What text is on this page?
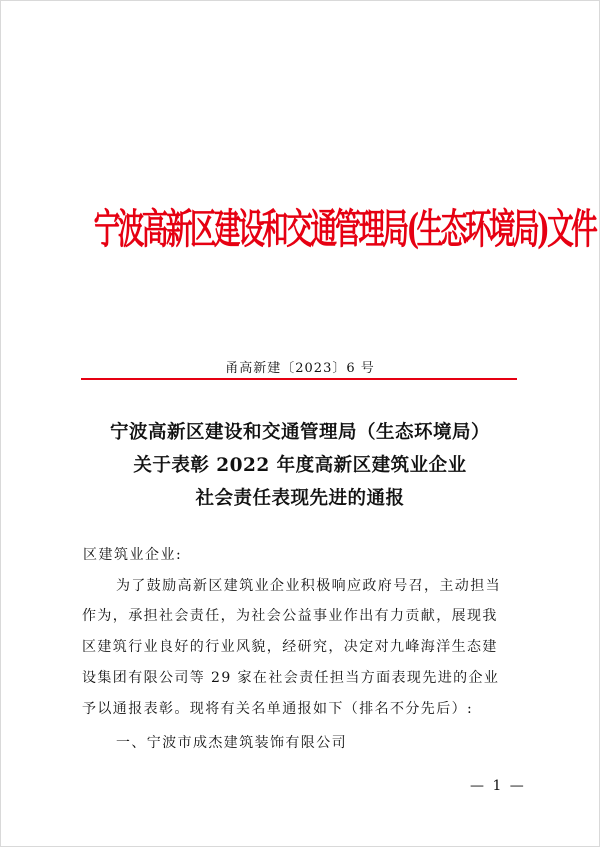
宁波高新区建设和交通管理局(生态环境局)文件
甬高新建〔2023〕6 号
宁波高新区建设和交通管理局（生态环境局）
关于表彰 2022 年度高新区建筑业企业
社会责任表现先进的通报
区建筑业企业:
为了鼓励高新区建筑业企业积极响应政府号召，主动担当
作为，承担社会责任，为社会公益事业作出有力贡献，展现我
区建筑行业良好的行业风貌，经研究，决定对九峰海洋生态建
设集团有限公司等 29 家在社会责任担当方面表现先进的企业
予以通报表彰。现将有关名单通报如下（排名不分先后）:
一、宁波市成杰建筑装饰有限公司
— 1 —
